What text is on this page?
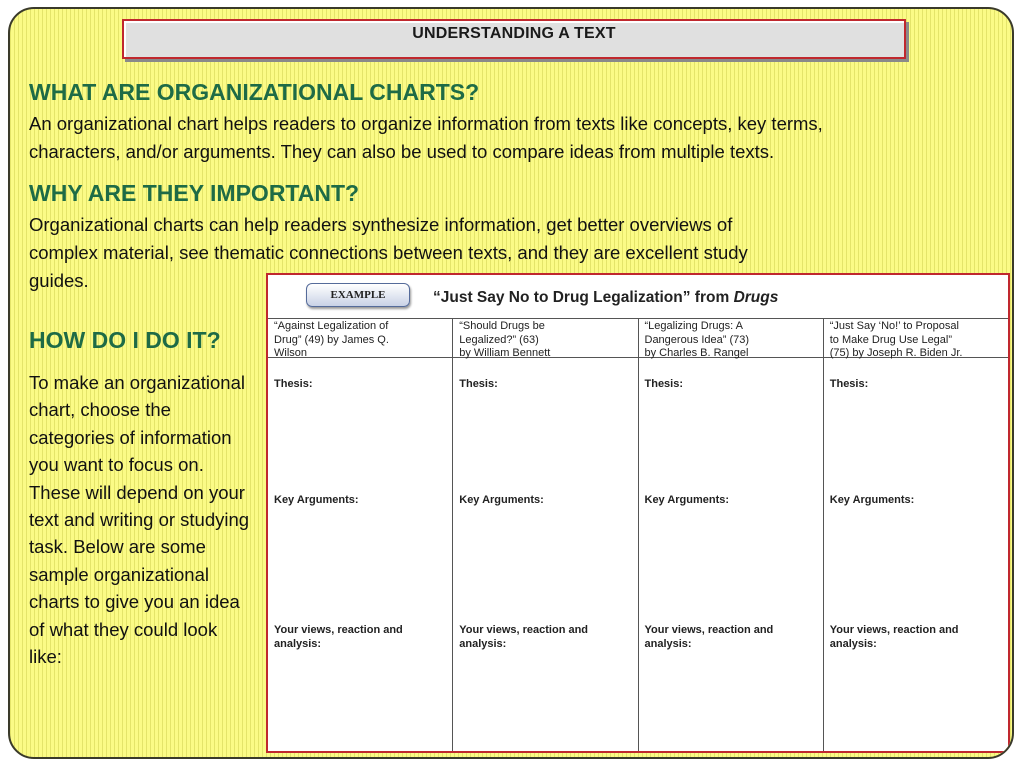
UNDERSTANDING A TEXT
WHAT ARE ORGANIZATIONAL CHARTS?

An organizational chart helps readers to organize information from texts like concepts, key terms,

characters, and/or arguments. They can also be used to compare ideas from multiple texts.

WHY ARE THEY IMPORTANT?

Organizational charts can help readers synthesize information, get better overviews of

complex material, see thematic connections between texts, and they are excellent study

guides.

HOW DO I DO IT?

To make an organizational chart, choose the categories of information you want to focus on. These will depend on your text and writing or studying task. Below are some sample organizational charts to give you an idea of what they could look like:

EXAMPLE	“Just Say No to Drug Legalization” from Drugs
“Against Legalization of
Drug” (49) by James Q.
Wilson
Thesis:
Key Arguments:
Your views, reaction and analysis:
“Should Drugs be
Legalized?” (63)
by William Bennett
Thesis:
Key Arguments:
Your views, reaction and analysis:
“Legalizing Drugs: A
Dangerous Idea” (73)
by Charles B. Rangel
Thesis:
Key Arguments:
Your views, reaction and analysis:
“Just Say ‘No!’ to Proposal
to Make Drug Use Legal”
(75) by Joseph R. Biden Jr.
Thesis:
Key Arguments:
Your views, reaction and analysis:
